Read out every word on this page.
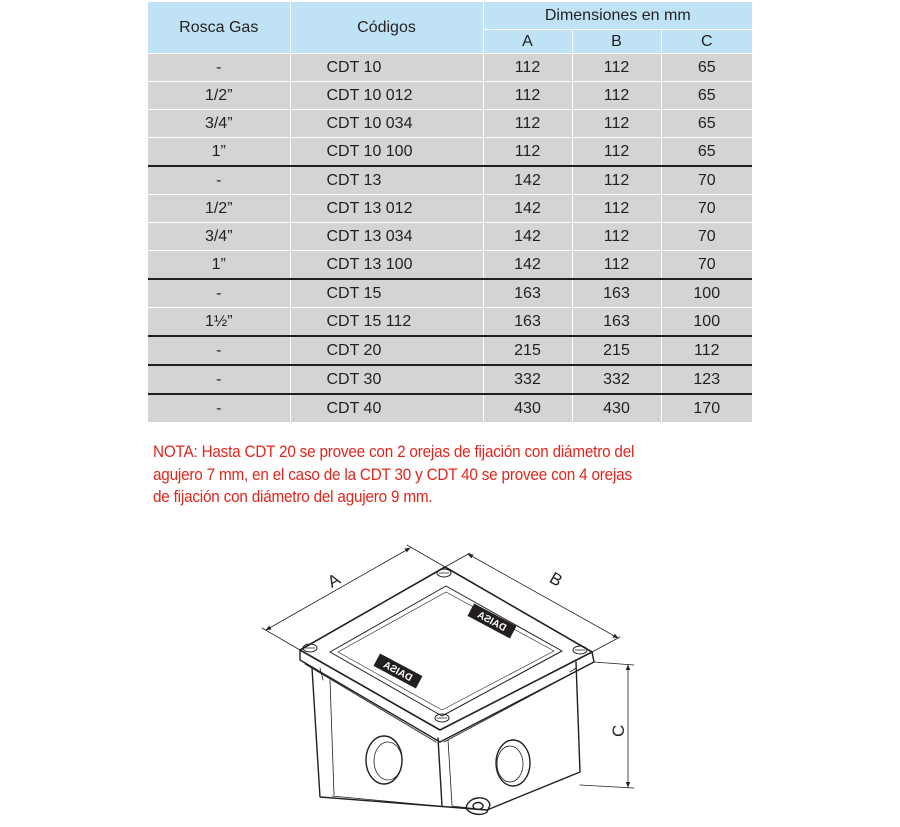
Rosca Gas	Códigos	Dimensiones en mm		
		A	B	C
-	CDT 10	112	112	65
1/2”	CDT 10 012	112	112	65
3/4”	CDT 10 034	112	112	65
1”	CDT 10 100	112	112	65
-	CDT 13	142	112	70
1/2”	CDT 13 012	142	112	70
3/4”	CDT 13 034	142	112	70
1”	CDT 13 100	142	112	70
-	CDT 15	163	163	100
1½”	CDT 15 112	163	163	100
-	CDT 20	215	215	112
-	CDT 30	332	332	123
-	CDT 40	430	430	170
NOTA: Hasta CDT 20 se provee con 2 orejas de fijación con diámetro del
agujero 7 mm, en el caso de la CDT 30 y CDT 40 se provee con 4 orejas
de fijación con diámetro del agujero 9 mm.
DAISA
DAISA
A	B
C
